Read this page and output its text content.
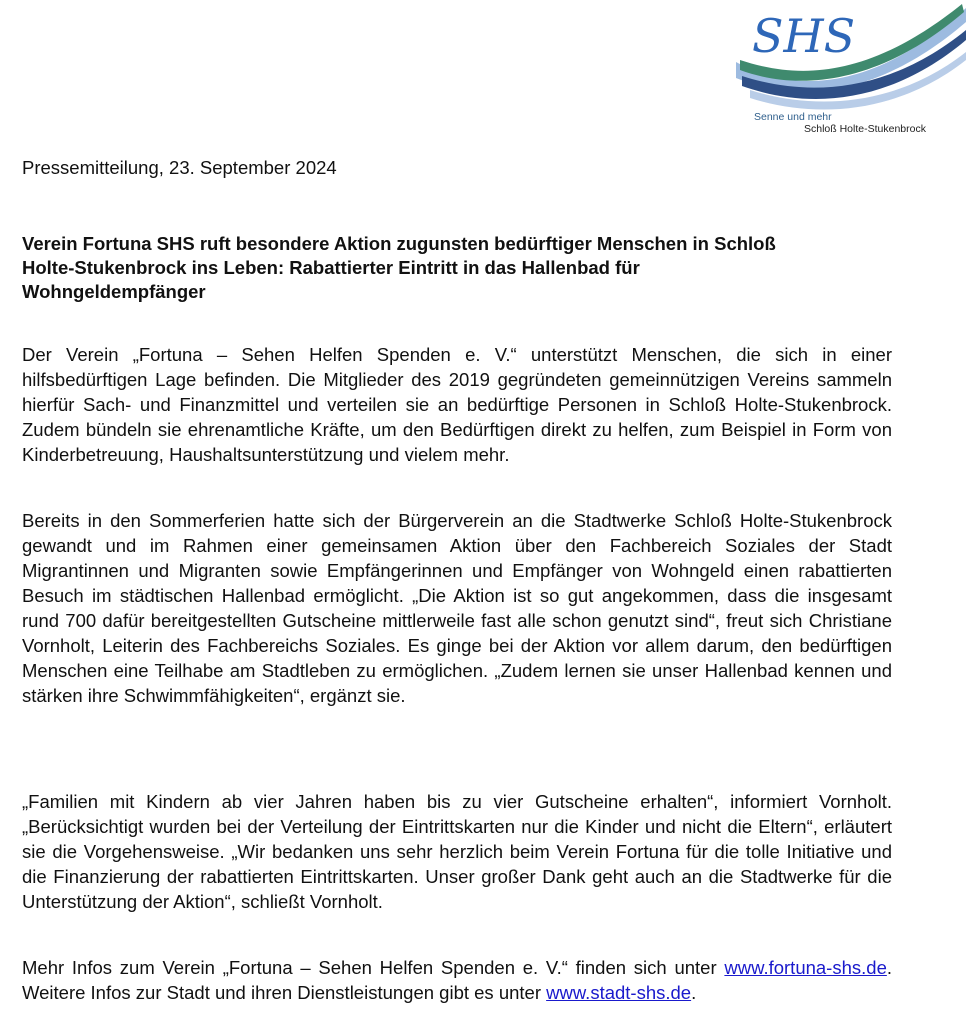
SHS
Senne und mehr
Schloß Holte-Stukenbrock
Pressemitteilung, 23. September 2024
Verein Fortuna SHS ruft besondere Aktion zugunsten bedürftiger Menschen in Schloß
Holte-Stukenbrock ins Leben: Rabattierter Eintritt in das Hallenbad für
Wohngeldempfänger

Der Verein „Fortuna – Sehen Helfen Spenden e. V.“ unterstützt Menschen, die sich in einer hilfsbedürftigen Lage befinden. Die Mitglieder des 2019 gegründeten gemeinnützigen Vereins sammeln hierfür Sach- und Finanzmittel und verteilen sie an bedürftige Personen in Schloß Holte-Stukenbrock. Zudem bündeln sie ehrenamtliche Kräfte, um den Bedürftigen direkt zu helfen, zum Beispiel in Form von Kinderbetreuung, Haushaltsunterstützung und vielem mehr.

Bereits in den Sommerferien hatte sich der Bürgerverein an die Stadtwerke Schloß Holte-Stukenbrock gewandt und im Rahmen einer gemeinsamen Aktion über den Fachbereich Soziales der Stadt Migrantinnen und Migranten sowie Empfängerinnen und Empfänger von Wohngeld einen rabattierten Besuch im städtischen Hallenbad ermöglicht. „Die Aktion ist so gut angekommen, dass die insgesamt rund 700 dafür bereitgestellten Gutscheine mittlerweile fast alle schon genutzt sind“, freut sich Christiane Vornholt, Leiterin des Fachbereichs Soziales. Es ginge bei der Aktion vor allem darum, den bedürftigen Menschen eine Teilhabe am Stadtleben zu ermöglichen. „Zudem lernen sie unser Hallenbad kennen und stärken ihre Schwimmfähigkeiten“, ergänzt sie.

„Familien mit Kindern ab vier Jahren haben bis zu vier Gutscheine erhalten“, informiert Vornholt. „Berücksichtigt wurden bei der Verteilung der Eintrittskarten nur die Kinder und nicht die Eltern“, erläutert sie die Vorgehensweise. „Wir bedanken uns sehr herzlich beim Verein Fortuna für die tolle Initiative und die Finanzierung der rabattierten Eintrittskarten. Unser großer Dank geht auch an die Stadtwerke für die Unterstützung der Aktion“, schließt Vornholt.

Mehr Infos zum Verein „Fortuna – Sehen Helfen Spenden e. V.“ finden sich unter www.fortuna-shs.de. Weitere Infos zur Stadt und ihren Dienstleistungen gibt es unter www.stadt-shs.de.
